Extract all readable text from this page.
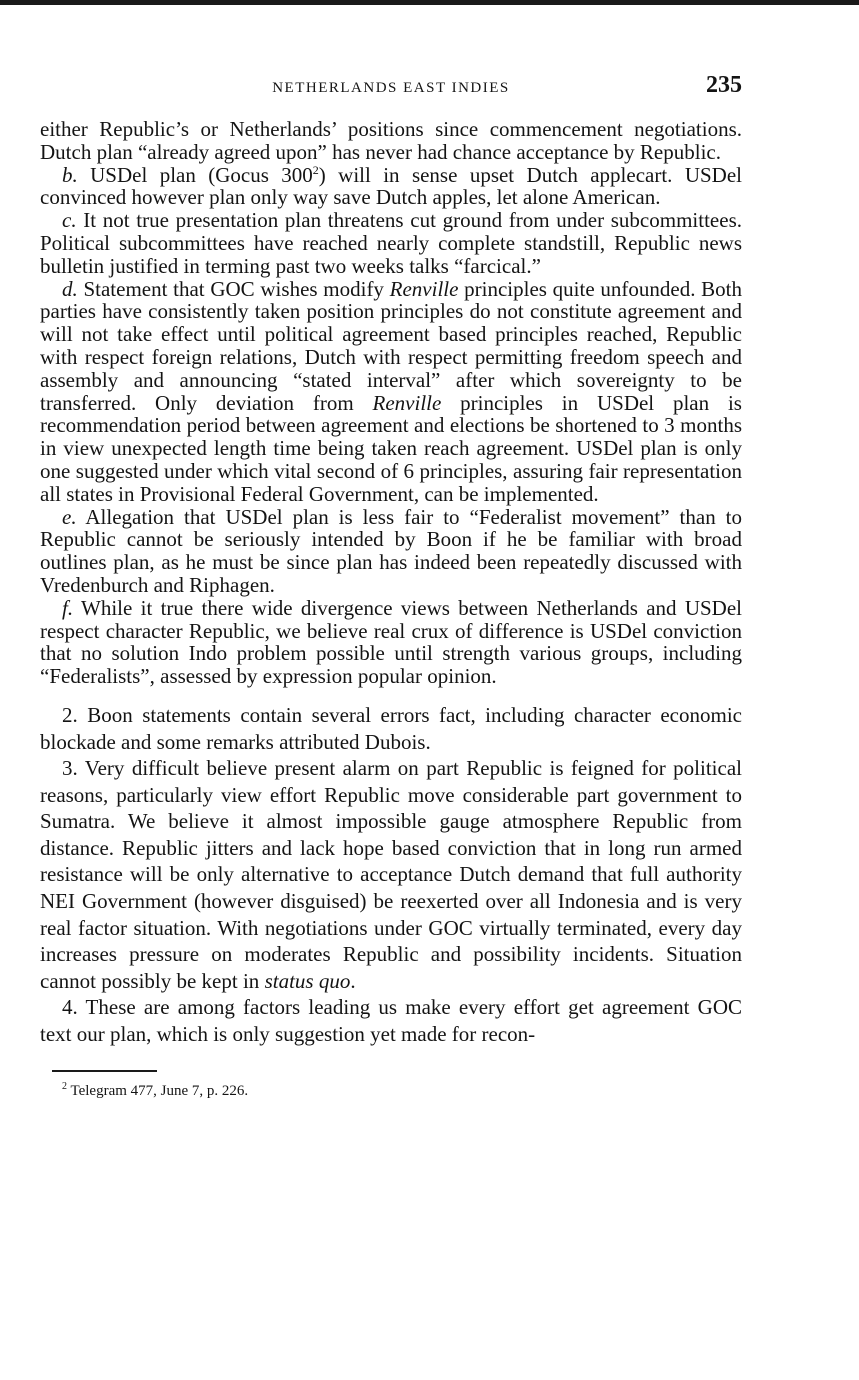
NETHERLANDS EAST INDIES	235

either Republic’s or Netherlands’ positions since commencement negotiations. Dutch plan “already agreed upon” has never had chance acceptance by Republic.

b. USDel plan (Gocus 300$^2$) will in sense upset Dutch applecart. USDel convinced however plan only way save Dutch apples, let alone American.

c. It not true presentation plan threatens cut ground from under subcommittees. Political subcommittees have reached nearly complete standstill, Republic news bulletin justified in terming past two weeks talks “farcical.”

d. Statement that GOC wishes modify Renville principles quite unfounded. Both parties have consistently taken position principles do not constitute agreement and will not take effect until political agreement based principles reached, Republic with respect foreign relations, Dutch with respect permitting freedom speech and assembly and announcing “stated interval” after which sovereignty to be transferred. Only deviation from Renville principles in USDel plan is recommendation period between agreement and elections be shortened to 3 months in view unexpected length time being taken reach agreement. USDel plan is only one suggested under which vital second of 6 principles, assuring fair representation all states in Provisional Federal Government, can be implemented.

e. Allegation that USDel plan is less fair to “Federalist movement” than to Republic cannot be seriously intended by Boon if he be familiar with broad outlines plan, as he must be since plan has indeed been repeatedly discussed with Vredenburch and Riphagen.

f. While it true there wide divergence views between Netherlands and USDel respect character Republic, we believe real crux of difference is USDel conviction that no solution Indo problem possible until strength various groups, including “Federalists”, assessed by expression popular opinion.

2. Boon statements contain several errors fact, including character economic blockade and some remarks attributed Dubois.

3. Very difficult believe present alarm on part Republic is feigned for political reasons, particularly view effort Republic move considerable part government to Sumatra. We believe it almost impossible gauge atmosphere Republic from distance. Republic jitters and lack hope based conviction that in long run armed resistance will be only alternative to acceptance Dutch demand that full authority NEI Government (however disguised) be reexerted over all Indonesia and is very real factor situation. With negotiations under GOC virtually terminated, every day increases pressure on moderates Republic and possibility incidents. Situation cannot possibly be kept in status quo.

4. These are among factors leading us make every effort get agreement GOC text our plan, which is only suggestion yet made for recon-

$^2$ Telegram 477, June 7, p. 226.
